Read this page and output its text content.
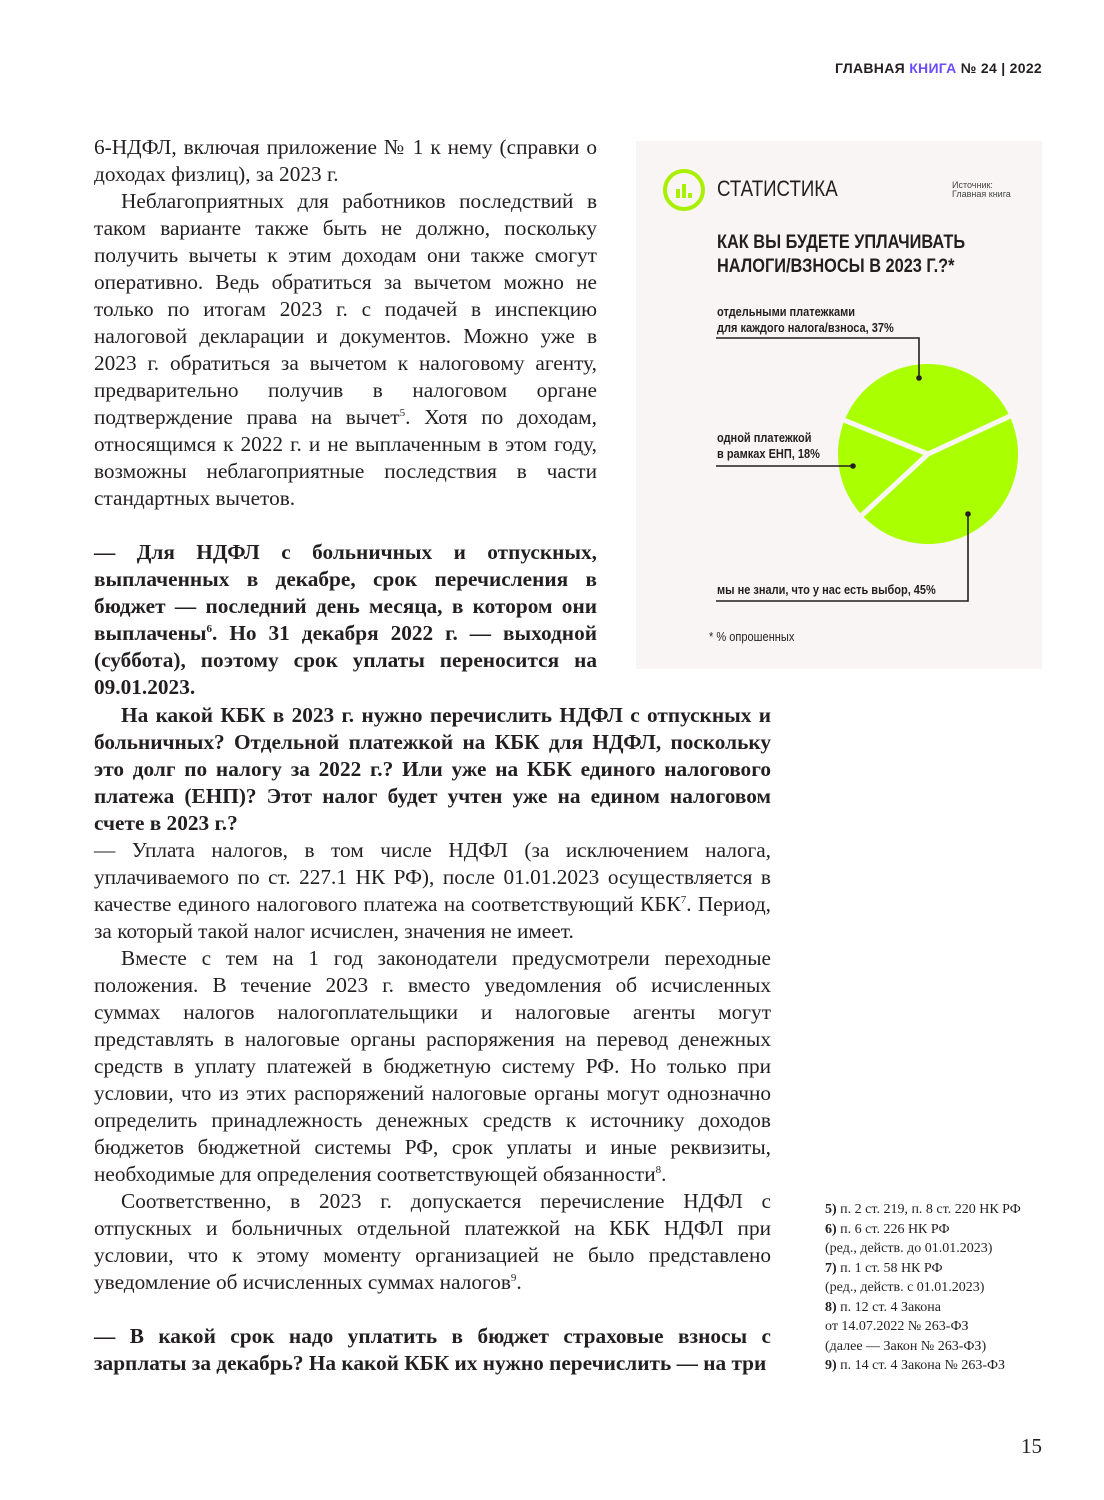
ГЛАВНАЯ КНИГА № 24 | 2022

6-НДФЛ, включая приложение № 1 к нему (справки о доходах физлиц), за 2023 г.

Неблагоприятных для работников последствий в таком варианте также быть не должно, поскольку получить вычеты к этим доходам они также смогут оперативно. Ведь обратиться за вычетом можно не только по итогам 2023 г. с подачей в инспекцию налоговой декларации и документов. Можно уже в 2023 г. обратиться за вычетом к налоговому агенту, предварительно получив в налоговом органе подтверждение права на вычет$^5$. Хотя по доходам, относящимся к 2022 г. и не выплаченным в этом году, возможны неблагоприятные последствия в части стандартных вычетов.

— Для НДФЛ с больничных и отпускных, выплаченных в декабре, срок перечисления в бюджет — последний день месяца, в котором они выплачены$^6$. Но 31 декабря 2022 г. — выходной (суббота), поэтому срок уплаты переносится на 09.01.2023.

На какой КБК в 2023 г. нужно перечислить НДФЛ с отпускных и больничных? Отдельной платежкой на КБК для НДФЛ, поскольку это долг по налогу за 2022 г.? Или уже на КБК единого налогового платежа (ЕНП)? Этот налог будет учтен уже на едином налоговом счете в 2023 г.?

— Уплата налогов, в том числе НДФЛ (за исключением налога, уплачиваемого по ст. 227.1 НК РФ), после 01.01.2023 осуществляется в качестве единого налогового платежа на соответствующий КБК$^7$. Период, за который такой налог исчислен, значения не имеет.

Вместе с тем на 1 год законодатели предусмотрели переходные положения. В течение 2023 г. вместо уведомления об исчисленных суммах налогов налогоплательщики и налоговые агенты могут представлять в налоговые органы распоряжения на перевод денежных средств в уплату платежей в бюджетную систему РФ. Но только при условии, что из этих распоряжений налоговые органы могут однозначно определить принадлежность денежных средств к источнику доходов бюджетов бюджетной системы РФ, срок уплаты и иные реквизиты, необходимые для определения соответствующей обязанности$^8$.

Соответственно, в 2023 г. допускается перечисление НДФЛ с отпускных и больничных отдельной платежкой на КБК НДФЛ при условии, что к этому моменту организацией не было представлено уведомление об исчисленных суммах налогов$^9$.

— В какой срок надо уплатить в бюджет страховые взносы с зарплаты за декабрь? На какой КБК их нужно перечислить — на три

СТАТИСТИКА	Источник:
Главная книга
КАК ВЫ БУДЕТЕ УПЛАЧИВАТЬ
НАЛОГИ/ВЗНОСЫ В 2023 Г.?*
отдельными платежками
для каждого налога/взноса, 37%
одной платежкой
в рамках ЕНП, 18%
мы не знали, что у нас есть выбор, 45%
* % опрошенных
5) п. 2 ст. 219, п. 8 ст. 220 НК РФ
6) п. 6 ст. 226 НК РФ
(ред., действ. до 01.01.2023)
7) п. 1 ст. 58 НК РФ
(ред., действ. с 01.01.2023)
8) п. 12 ст. 4 Закона
от 14.07.2022 № 263-ФЗ
(далее — Закон № 263-ФЗ)
9) п. 14 ст. 4 Закона № 263-ФЗ
15
